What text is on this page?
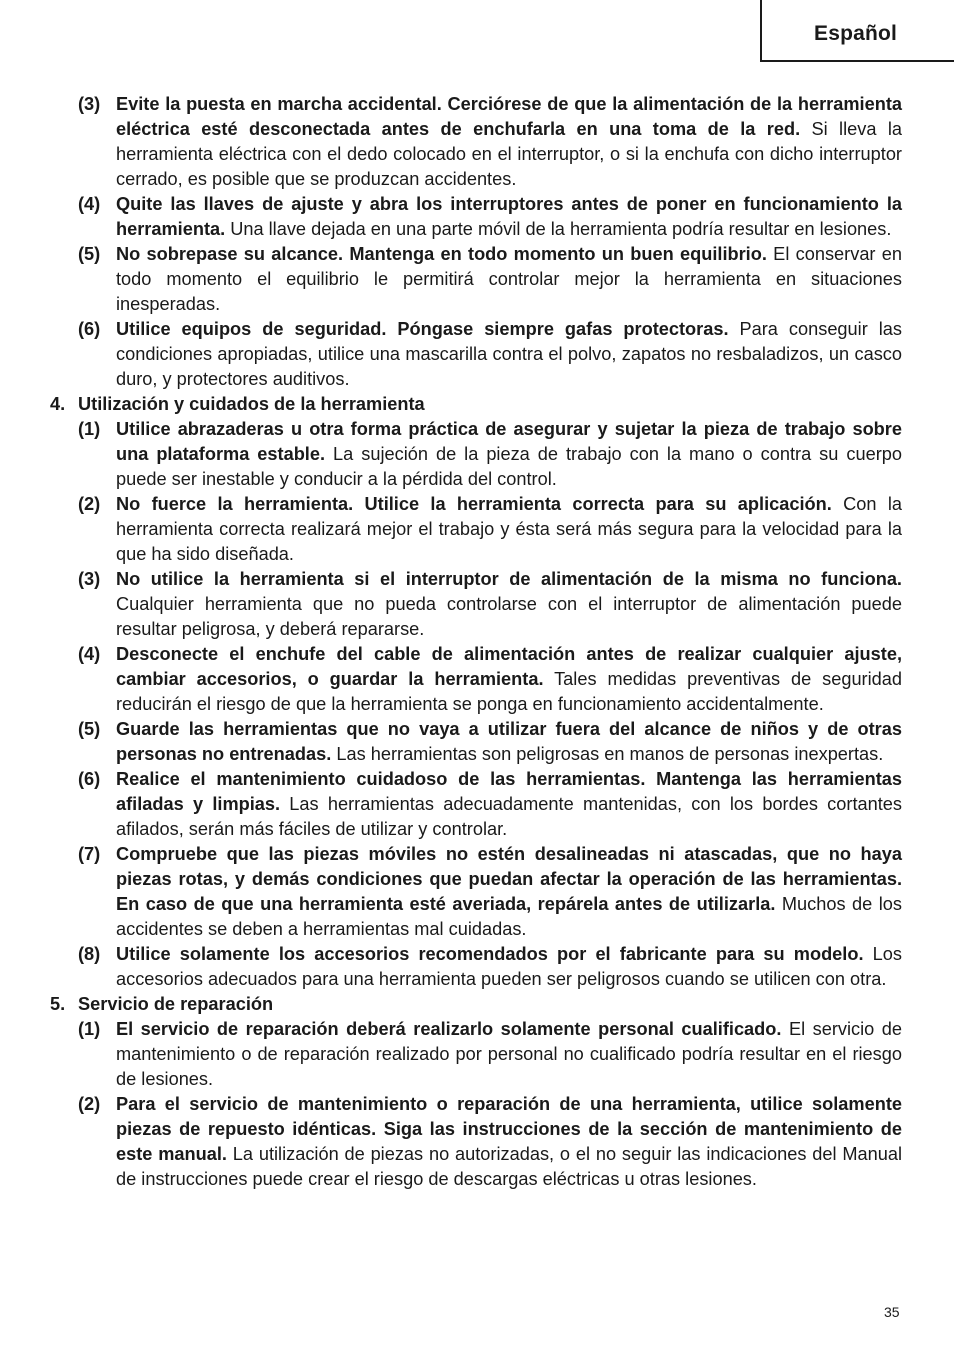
Español
(3) Evite la puesta en marcha accidental. Cerciórese de que la alimentación de la herramienta eléctrica esté desconectada antes de enchufarla en una toma de la red. Si lleva la herramienta eléctrica con el dedo colocado en el interruptor, o si la enchufa con dicho interruptor cerrado, es posible que se produzcan accidentes.
(4) Quite las llaves de ajuste y abra los interruptores antes de poner en funcionamiento la herramienta. Una llave dejada en una parte móvil de la herramienta podría resultar en lesiones.
(5) No sobrepase su alcance. Mantenga en todo momento un buen equilibrio. El conservar en todo momento el equilibrio le permitirá controlar mejor la herramienta en situaciones inesperadas.
(6) Utilice equipos de seguridad. Póngase siempre gafas protectoras. Para conseguir las condiciones apropiadas, utilice una mascarilla contra el polvo, zapatos no resbaladizos, un casco duro, y protectores auditivos.
4. Utilización y cuidados de la herramienta
(1) Utilice abrazaderas u otra forma práctica de asegurar y sujetar la pieza de trabajo sobre una plataforma estable. La sujeción de la pieza de trabajo con la mano o contra su cuerpo puede ser inestable y conducir a la pérdida del control.
(2) No fuerce la herramienta. Utilice la herramienta correcta para su aplicación. Con la herramienta correcta realizará mejor el trabajo y ésta será más segura para la velocidad para la que ha sido diseñada.
(3) No utilice la herramienta si el interruptor de alimentación de la misma no funciona. Cualquier herramienta que no pueda controlarse con el interruptor de alimentación puede resultar peligrosa, y deberá repararse.
(4) Desconecte el enchufe del cable de alimentación antes de realizar cualquier ajuste, cambiar accesorios, o guardar la herramienta. Tales medidas preventivas de seguridad reducirán el riesgo de que la herramienta se ponga en funcionamiento accidentalmente.
(5) Guarde las herramientas que no vaya a utilizar fuera del alcance de niños y de otras personas no entrenadas. Las herramientas son peligrosas en manos de personas inexpertas.
(6) Realice el mantenimiento cuidadoso de las herramientas. Mantenga las herramientas afiladas y limpias. Las herramientas adecuadamente mantenidas, con los bordes cortantes afilados, serán más fáciles de utilizar y controlar.
(7) Compruebe que las piezas móviles no estén desalineadas ni atascadas, que no haya piezas rotas, y demás condiciones que puedan afectar la operación de las herramientas. En caso de que una herramienta esté averiada, repárela antes de utilizarla. Muchos de los accidentes se deben a herramientas mal cuidadas.
(8) Utilice solamente los accesorios recomendados por el fabricante para su modelo. Los accesorios adecuados para una herramienta pueden ser peligrosos cuando se utilicen con otra.
5. Servicio de reparación
(1) El servicio de reparación deberá realizarlo solamente personal cualificado. El servicio de mantenimiento o de reparación realizado por personal no cualificado podría resultar en el riesgo de lesiones.
(2) Para el servicio de mantenimiento o reparación de una herramienta, utilice solamente piezas de repuesto idénticas. Siga las instrucciones de la sección de mantenimiento de este manual. La utilización de piezas no autorizadas, o el no seguir las indicaciones del Manual de instrucciones puede crear el riesgo de descargas eléctricas u otras lesiones.
35
